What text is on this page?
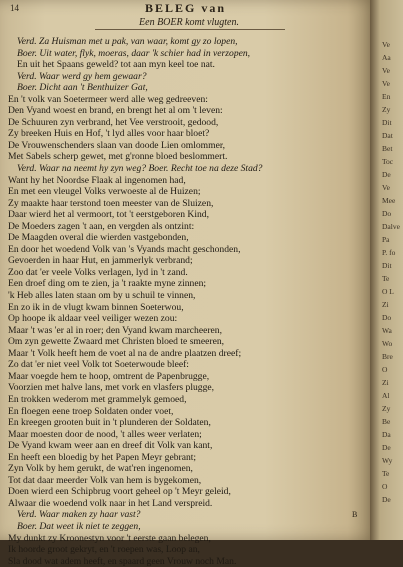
14	BELEG van
Een BOER komt vlugten.
Verd. Za Huisman met u pak, van waar, komt gy zo lopen,
Boer. Uit water, flyk, moeras, daar 'k schier had in verzopen,
En uit het Spaans geweld? tot aan myn keel toe nat.
Verd. Waar werd gy hem gewaar?
Boer. Dicht aan 't Benthuizer Gat,
En 't volk van Soetermeer werd alle weg gedreeven:
Den Vyand woest en brand, en brengt het al om 't leven:
De Schuuren zyn verbrand, het Vee verstrooit, gedood,
Zy breeken Huis en Hof, 't lyd alles voor haar bloet?
De Vrouwenschenders slaan van doode Lien omlommer,
Met Sabels scherp gewet, met g'ronne bloed beslommert.
Verd. Waar na neemt hy zyn weg? Boer. Recht toe na deze Stad?
Want hy het Noordse Flaak al ingenomen had,
En met een vleugel Volks verwoeste al de Huizen;
Zy maakte haar terstond toen meester van de Sluizen,
Daar wierd het al vermoort, tot 't eerstgeboren Kind,
De Moeders zagen 't aan, en vergden als ontzint:
De Maagden overal die wierden vastgebonden,
En door het woedend Volk van 's Vyands macht geschonden,
Gevoerden in haar Hut, en jammerlyk verbrand;
Zoo dat 'er veele Volks verlagen, lyd in 't zand.
Een droef ding om te zien, ja 't raakte myne zinnen;
'k Heb alles laten staan om by u schuil te vinnen,
En zo ik in de vlugt kwam binnen Soeterwou,
Op hoope ik aldaar veel veiliger wezen zou:
Maar 't was 'er al in roer; den Vyand kwam marcheeren,
Om zyn gewette Zwaard met Christen bloed te smeeren,
Maar 't Volk heeft hem de voet al na de andre plaatzen dreef;
Zo dat 'er niet veel Volk tot Soeterwoude bleef:
Maar voegde hem te hoop, omtrent de Papenbrugge,
Voorzien met halve lans, met vork en vlasfers plugge,
En trokken wederom met grammelyk gemoed,
En floegen eene troep Soldaten onder voet,
En kreegen grooten buit in 't plunderen der Soldaten,
Maar moesten door de nood, 't alles weer verlaten;
De Vyand kwam weer aan en dreef dit Volk van kant,
En heeft een bloedig by het Papen Meyr gebrant;
Zyn Volk by hem gerukt, de wat'ren ingenomen,
Tot dat daar meerder Volk van hem is bygekomen,
Doen wierd een Schipbrug voort geheel op 't Meyr geleid,
Alwaar die woedend volk naar in het Land verspreid.
Verd. Waar maken zy haar vast?
Boer. Dat weet ik niet te zeggen,
My dunkt zy Kroonestyn voor 't eerste gaan belegen,
Ik hoorde groot gekryt, en 't roepen was, Loop an,
Sla dood wat adem heeft, en spaard geen Vrouw noch Man.
B
Ve
Aa
Ve
Ve
En
Zy
Dit
Dat
Bet
Toc
De
Ve
Mee
Do
Dalve
Pa
P. fo
Dit
Te
O L
Zi
Do
Wa
Wo
Bre
O
Zi
Al
Zy
Be
Da
De
Wy
Te
O
De
